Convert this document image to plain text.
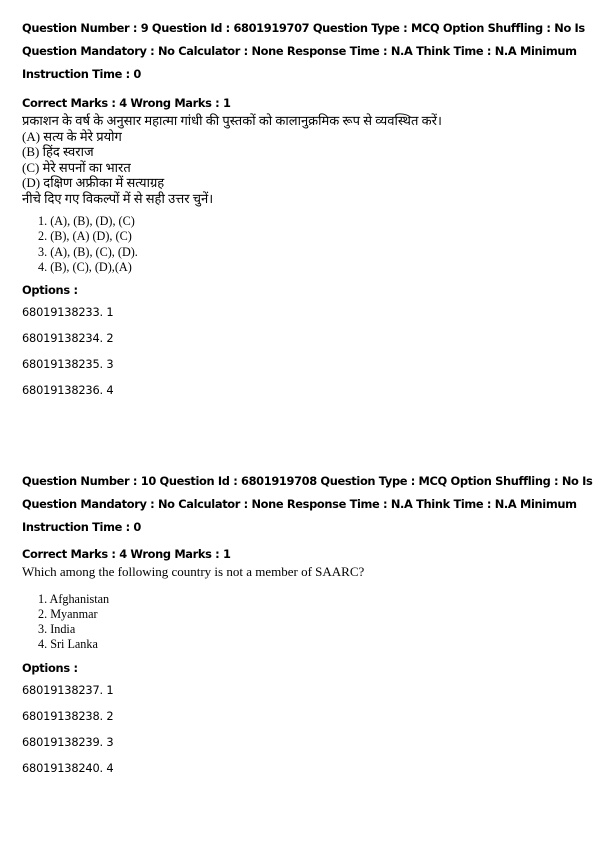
Question Number : 9 Question Id : 6801919707 Question Type : MCQ Option Shuffling : No Is
Question Mandatory : No Calculator : None Response Time : N.A Think Time : N.A Minimum
Instruction Time : 0
Correct Marks : 4 Wrong Marks : 1
प्रकाशन के वर्ष के अनुसार महात्मा गांधी की पुस्तकों को कालानुक्रमिक रूप से व्यवस्थित करें।
(A) सत्य के मेरे प्रयोग
(B) हिंद स्वराज
(C) मेरे सपनों का भारत
(D) दक्षिण अफ्रीका में सत्याग्रह
नीचे दिए गए विकल्पों में से सही उत्तर चुनें।
1. (A), (B), (D), (C)
2. (B), (A) (D), (C)
3. (A), (B), (C), (D).
4. (B), (C), (D),(A)
Options :
68019138233. 1
68019138234. 2
68019138235. 3
68019138236. 4
Question Number : 10 Question Id : 6801919708 Question Type : MCQ Option Shuffling : No Is
Question Mandatory : No Calculator : None Response Time : N.A Think Time : N.A Minimum
Instruction Time : 0
Correct Marks : 4 Wrong Marks : 1
Which among the following country is not a member of SAARC?
1. Afghanistan
2. Myanmar
3. India
4. Sri Lanka
Options :
68019138237. 1
68019138238. 2
68019138239. 3
68019138240. 4
